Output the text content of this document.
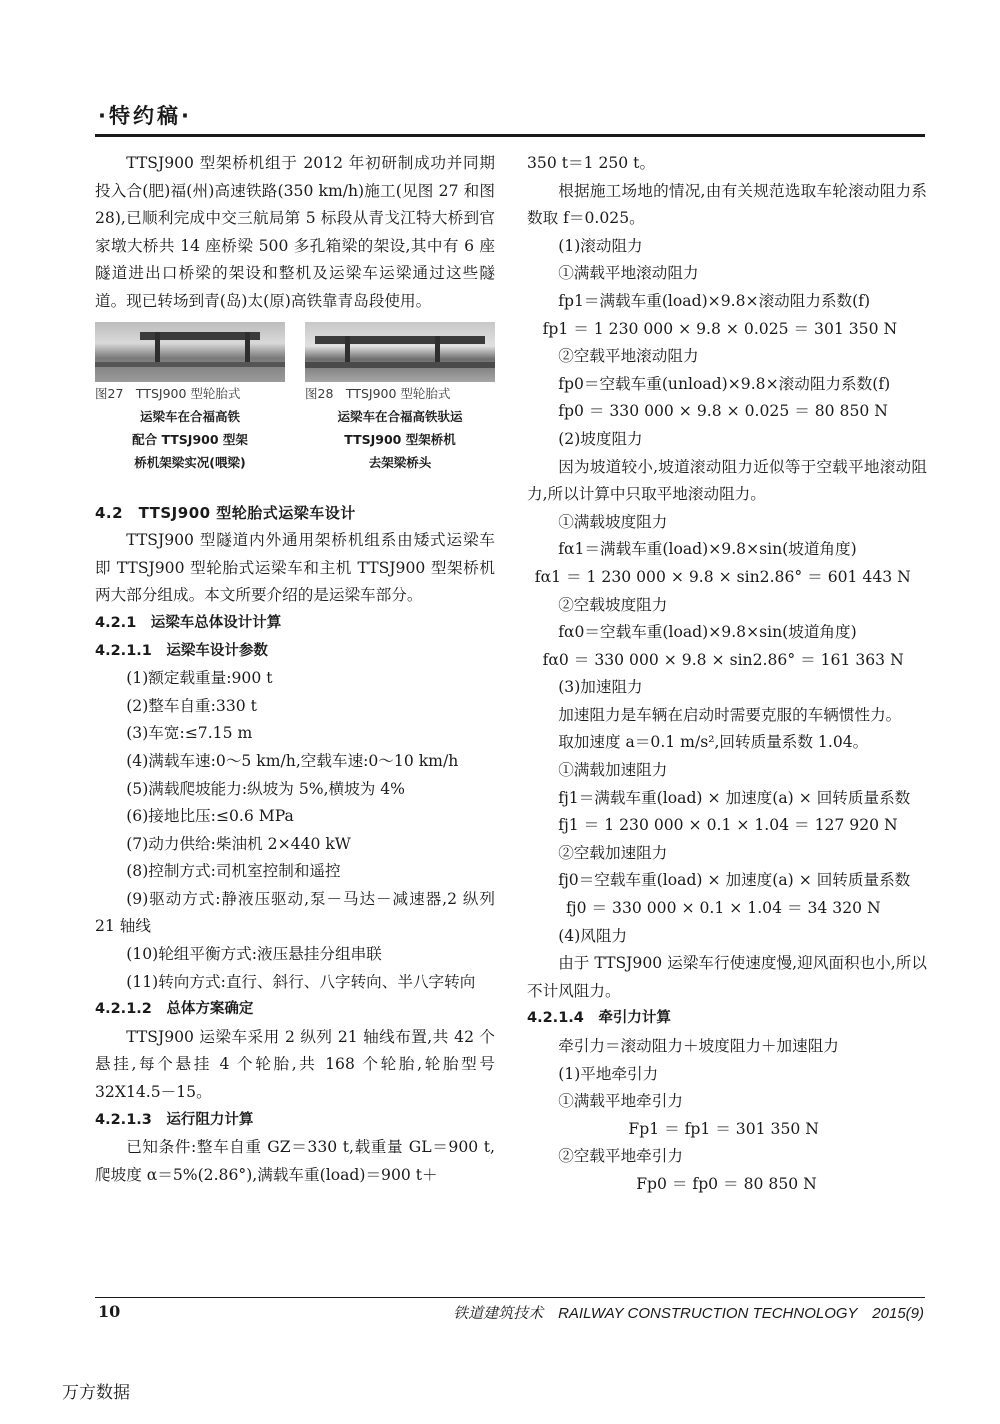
·特约稿·

TTSJ900 型架桥机组于 2012 年初研制成功并同期投入合(肥)福(州)高速铁路(350 km/h)施工(见图 27 和图 28),已顺利完成中交三航局第 5 标段从青戈江特大桥到官家墩大桥共 14 座桥梁 500 多孔箱梁的架设,其中有 6 座隧道进出口桥梁的架设和整机及运梁车运梁通过这些隧道。现已转场到青(岛)太(原)高铁靠青岛段使用。

图27　TTSJ900 型轮胎式

运梁车在合福高铁

配合 TTSJ900 型架

桥机架梁实况(喂梁)

图28　TTSJ900 型轮胎式

运梁车在合福高铁驮运

TTSJ900 型架桥机

去架梁桥头

4.2　TTSJ900 型轮胎式运梁车设计

TTSJ900 型隧道内外通用架桥机组系由矮式运梁车即 TTSJ900 型轮胎式运梁车和主机 TTSJ900 型架桥机两大部分组成。本文所要介绍的是运梁车部分。

4.2.1　运梁车总体设计计算

4.2.1.1　运梁车设计参数

(1)额定载重量:900 t

(2)整车自重:330 t

(3)车宽:≤7.15 m

(4)满载车速:0～5 km/h,空载车速:0～10 km/h

(5)满载爬坡能力:纵坡为 5%,横坡为 4%

(6)接地比压:≤0.6 MPa

(7)动力供给:柴油机 2×440 kW

(8)控制方式:司机室控制和遥控

(9)驱动方式:静液压驱动,泵－马达－减速器,2 纵列 21 轴线

(10)轮组平衡方式:液压悬挂分组串联

(11)转向方式:直行、斜行、八字转向、半八字转向

4.2.1.2　总体方案确定

TTSJ900 运梁车采用 2 纵列 21 轴线布置,共 42 个悬挂,每个悬挂 4 个轮胎,共 168 个轮胎,轮胎型号 32X14.5－15。

4.2.1.3　运行阻力计算

已知条件:整车自重 GZ＝330 t,载重量 GL＝900 t,爬坡度 α＝5%(2.86°),满载车重(load)＝900 t＋

350 t＝1 250 t。

根据施工场地的情况,由有关规范选取车轮滚动阻力系数取 f＝0.025。

(1)滚动阻力

①满载平地滚动阻力

fp1＝满载车重(load)×9.8×滚动阻力系数(f)

fp1 ＝ 1 230 000 × 9.8 × 0.025 ＝ 301 350 N

②空载平地滚动阻力

fp0＝空载车重(unload)×9.8×滚动阻力系数(f)

fp0 ＝ 330 000 × 9.8 × 0.025 ＝ 80 850 N

(2)坡度阻力

因为坡道较小,坡道滚动阻力近似等于空载平地滚动阻力,所以计算中只取平地滚动阻力。

①满载坡度阻力

fα1＝满载车重(load)×9.8×sin(坡道角度)

fα1 ＝ 1 230 000 × 9.8 × sin2.86° ＝ 601 443 N

②空载坡度阻力

fα0＝空载车重(load)×9.8×sin(坡道角度)

fα0 ＝ 330 000 × 9.8 × sin2.86° ＝ 161 363 N

(3)加速阻力

加速阻力是车辆在启动时需要克服的车辆惯性力。

取加速度 a＝0.1 m/s²,回转质量系数 1.04。

①满载加速阻力

fj1＝满载车重(load) × 加速度(a) × 回转质量系数

fj1 ＝ 1 230 000 × 0.1 × 1.04 ＝ 127 920 N

②空载加速阻力

fj0＝空载车重(load) × 加速度(a) × 回转质量系数

fj0 ＝ 330 000 × 0.1 × 1.04 ＝ 34 320 N

(4)风阻力

由于 TTSJ900 运梁车行使速度慢,迎风面积也小,所以不计风阻力。

4.2.1.4　牵引力计算

牵引力＝滚动阻力＋坡度阻力＋加速阻力

(1)平地牵引力

①满载平地牵引力

Fp1 ＝ fp1 ＝ 301 350 N

②空载平地牵引力

Fp0 ＝ fp0 ＝ 80 850 N

10	铁道建筑技术　RAILWAY CONSTRUCTION TECHNOLOGY　2015(9)
万方数据
